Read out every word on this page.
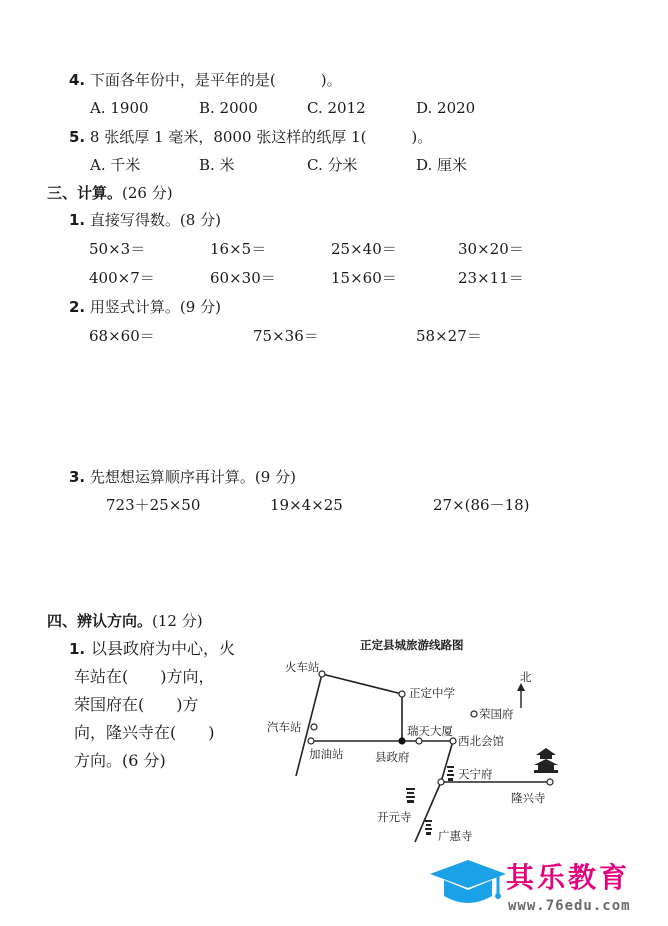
4. 下面各年份中，是平年的是(　　　)。
A. 1900	B. 2000	C. 2012	D. 2020
5. 8 张纸厚 1 毫米，8000 张这样的纸厚 1(　　　)。
A. 千米	B. 米	C. 分米	D. 厘米
三、计算。(26 分)
1. 直接写得数。(8 分)
50×3＝	16×5＝	25×40＝	30×20＝
400×7＝	60×30＝	15×60＝	23×11＝
2. 用竖式计算。(9 分)
68×60＝	75×36＝	58×27＝
3. 先想想运算顺序再计算。(9 分)
723＋25×50	19×4×25	27×(86－18)
四、辨认方向。(12 分)
1. 以县政府为中心，火
车站在(　　)方向，
荣国府在(　　)方
向，隆兴寺在(　　)
方向。(6 分)
正定县城旅游线路图
北
火车站
正定中学
荣国府
汽车站	瑞天大厦
西北会馆
加油站	县政府
天宁府
隆兴寺
开元寺
广惠寺
其乐教育
www.76edu.com
